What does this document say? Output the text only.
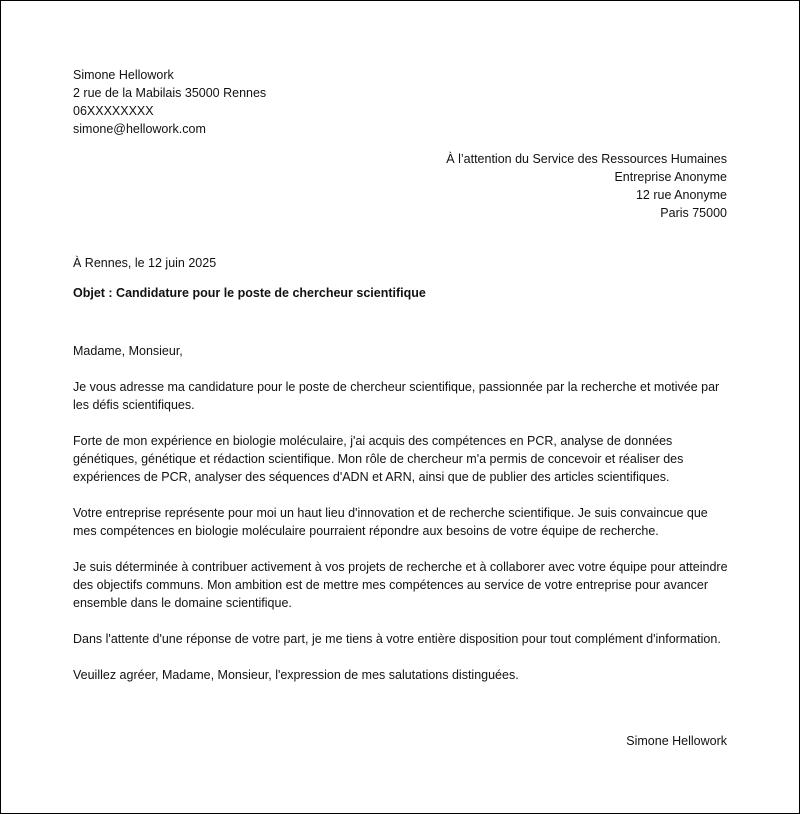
Simone Hellowork
2 rue de la Mabilais 35000 Rennes
06XXXXXXXX
simone@hellowork.com
À l’attention du Service des Ressources Humaines
Entreprise Anonyme
12 rue Anonyme
Paris 75000
À Rennes, le 12 juin 2025
Objet : Candidature pour le poste de chercheur scientifique

Madame, Monsieur,

Je vous adresse ma candidature pour le poste de chercheur scientifique, passionnée par la recherche et motivée par les défis scientifiques.

Forte de mon expérience en biologie moléculaire, j'ai acquis des compétences en PCR, analyse de données génétiques, génétique et rédaction scientifique. Mon rôle de chercheur m'a permis de concevoir et réaliser des expériences de PCR, analyser des séquences d'ADN et ARN, ainsi que de publier des articles scientifiques.

Votre entreprise représente pour moi un haut lieu d'innovation et de recherche scientifique. Je suis convaincue que mes compétences en biologie moléculaire pourraient répondre aux besoins de votre équipe de recherche.

Je suis déterminée à contribuer activement à vos projets de recherche et à collaborer avec votre équipe pour atteindre des objectifs communs. Mon ambition est de mettre mes compétences au service de votre entreprise pour avancer ensemble dans le domaine scientifique.

Dans l'attente d'une réponse de votre part, je me tiens à votre entière disposition pour tout complément d'information.

Veuillez agréer, Madame, Monsieur, l'expression de mes salutations distinguées.

Simone Hellowork
